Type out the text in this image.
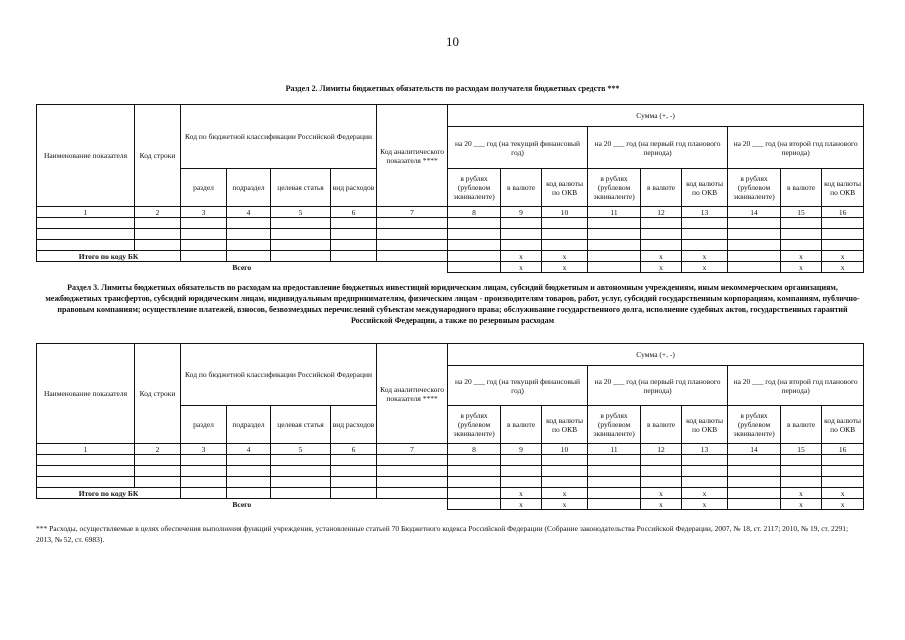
10
Раздел 2. Лимиты бюджетных обязательств по расходам получателя бюджетных средств ***
Наименование показателя	Код строки	Код по бюджетной классификации Российской Федерации				Код аналитического показателя ****	Сумма (+, -)								
							на 20 ___ год (на текущий финансовый год)			на 20 ___ год (на первый год планового периода)			на 20 ___ год (на второй год планового периода)		
		раздел	подраздел	целевая статья	вид расходов		в рублях (рублевом эквиваленте)	в валюте	код валюты по ОКВ	в рублях (рублевом эквиваленте)	в валюте	код валюты по ОКВ	в рублях (рублевом эквиваленте)	в валюте	код валюты по ОКВ

1	2	3	4	5	6	7	8	9	10	11	12	13	14	15	16

Итого по коду БК								x	x		x	x		x	x
Всего								x	x		x	x		x	x
Раздел 3. Лимиты бюджетных обязательств по расходам на предоставление бюджетных инвестиций юридическим лицам, субсидий бюджетным и автономным учреждениям, иным некоммерческим организациям, межбюджетных трансфертов, субсидий юридическим лицам, индивидуальным предпринимателям, физическим лицам - производителям товаров, работ, услуг, субсидий государственным корпорациям, компаниям, публично-правовым компаниям; осуществление платежей, взносов, безвозмездных перечислений субъектам международного права; обслуживание государственного долга, исполнение судебных актов, государственных гарантий Российской Федерации, а также по резервным расходам
Наименование показателя	Код строки	Код по бюджетной классификации Российской Федерации				Код аналитического показателя ****	Сумма (+, -)								
							на 20 ___ год (на текущий финансовый год)			на 20 ___ год (на первый год планового периода)			на 20 ___ год (на второй год планового периода)		
		раздел	подраздел	целевая статья	вид расходов		в рублях (рублевом эквиваленте)	в валюте	код валюты по ОКВ	в рублях (рублевом эквиваленте)	в валюте	код валюты по ОКВ	в рублях (рублевом эквиваленте)	в валюте	код валюты по ОКВ

1	2	3	4	5	6	7	8	9	10	11	12	13	14	15	16

Итого по коду БК								x	x		x	x		x	x
Всего								x	x		x	x		x	x
*** Расходы, осуществляемые в целях обеспечения выполнения функций учреждения, установленные статьей 70 Бюджетного кодекса Российской Федерации (Собрание законодательства Российской Федерации, 2007, № 18, ст. 2117; 2010, № 19, ст. 2291; 2013, № 52, ст. 6983).
